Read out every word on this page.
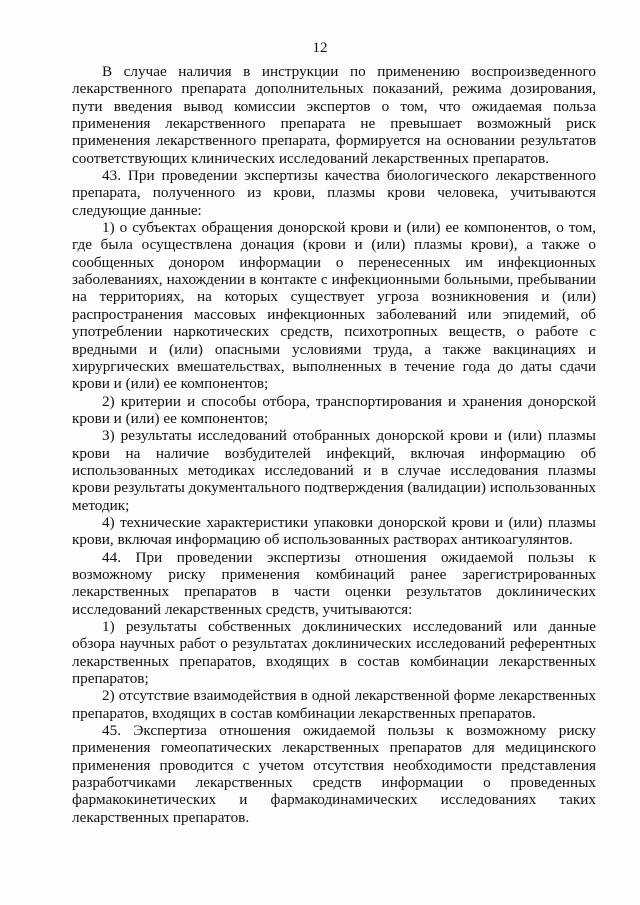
12

В случае наличия в инструкции по применению воспроизведенного лекарственного препарата дополнительных показаний, режима дозирования, пути введения вывод комиссии экспертов о том, что ожидаемая польза применения лекарственного препарата не превышает возможный риск применения лекарственного препарата, формируется на основании результатов соответствующих клинических исследований лекарственных препаратов.

43. При проведении экспертизы качества биологического лекарственного препарата, полученного из крови, плазмы крови человека, учитываются следующие данные:

1) о субъектах обращения донорской крови и (или) ее компонентов, о том, где была осуществлена донация (крови и (или) плазмы крови), а также о сообщенных донором информации о перенесенных им инфекционных заболеваниях, нахождении в контакте с инфекционными больными, пребывании на территориях, на которых существует угроза возникновения и (или) распространения массовых инфекционных заболеваний или эпидемий, об употреблении наркотических средств, психотропных веществ, о работе с вредными и (или) опасными условиями труда, а также вакцинациях и хирургических вмешательствах, выполненных в течение года до даты сдачи крови и (или) ее компонентов;

2) критерии и способы отбора, транспортирования и хранения донорской крови и (или) ее компонентов;

3) результаты исследований отобранных донорской крови и (или) плазмы крови на наличие возбудителей инфекций, включая информацию об использованных методиках исследований и в случае исследования плазмы крови результаты документального подтверждения (валидации) использованных методик;

4) технические характеристики упаковки донорской крови и (или) плазмы крови, включая информацию об использованных растворах антикоагулянтов.

44. При проведении экспертизы отношения ожидаемой пользы к возможному риску применения комбинаций ранее зарегистрированных лекарственных препаратов в части оценки результатов доклинических исследований лекарственных средств, учитываются:

1) результаты собственных доклинических исследований или данные обзора научных работ о результатах доклинических исследований референтных лекарственных препаратов, входящих в состав комбинации лекарственных препаратов;

2) отсутствие взаимодействия в одной лекарственной форме лекарственных препаратов, входящих в состав комбинации лекарственных препаратов.

45. Экспертиза отношения ожидаемой пользы к возможному риску применения гомеопатических лекарственных препаратов для медицинского применения проводится с учетом отсутствия необходимости представления разработчиками лекарственных средств информации о проведенных фармакокинетических и фармакодинамических исследованиях таких лекарственных препаратов.
